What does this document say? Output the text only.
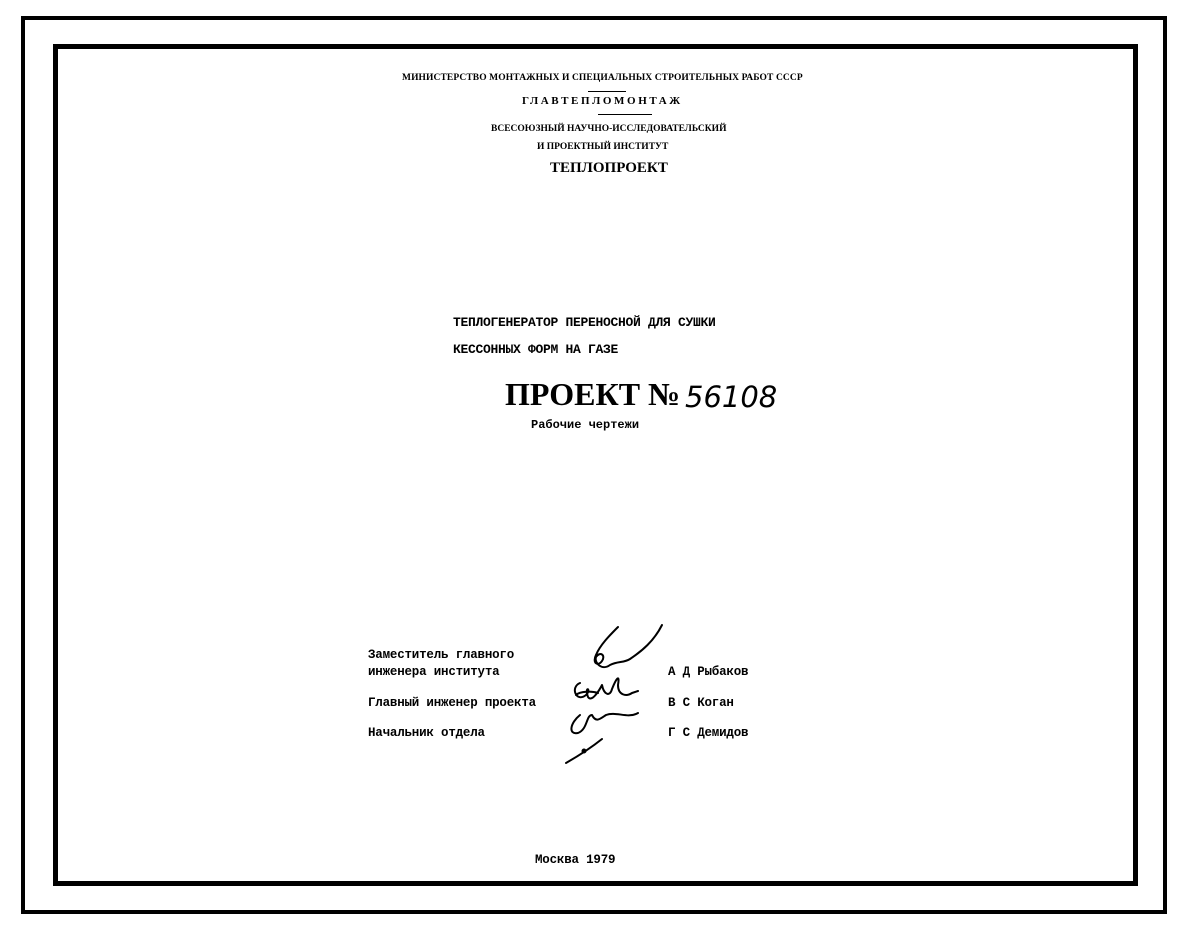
МИНИСТЕРСТВО МОНТАЖНЫХ И СПЕЦИАЛЬНЫХ СТРОИТЕЛЬНЫХ РАБОТ СССР
ГЛАВТЕПЛОМОНТАЖ
ВСЕСОЮЗНЫЙ НАУЧНО-ИССЛЕДОВАТЕЛЬСКИЙ
И ПРОЕКТНЫЙ ИНСТИТУТ
ТЕПЛОПРОЕКТ
ТЕПЛОГЕНЕРАТОР ПЕРЕНОСНОЙ ДЛЯ СУШКИ
КЕССОННЫХ ФОРМ НА ГАЗЕ
ПРОЕКТ № 56108
Рабочие чертежи
Заместитель главного
инженера института	А Д Рыбаков
Главный инженер проекта	В С Коган
Начальник отдела	Г С Демидов
Москва 1979
